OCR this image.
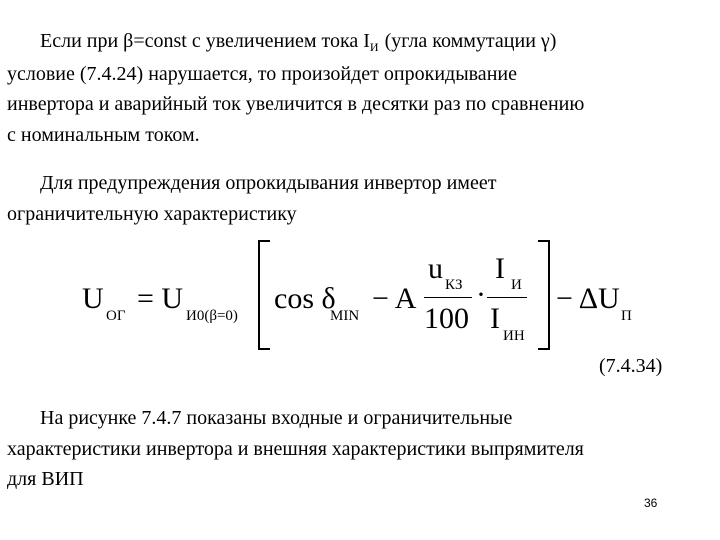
Если при β=const с увеличением тока $I_И$ (угла коммутации γ)
условие (7.4.24) нарушается, то произойдет опрокидывание
инвертора и аварийный ток увеличится в десятки раз по сравнению
с номинальным током.
Для предупреждения опрокидывания инвертор имеет
ограничительную характеристику
U
ОГ
= U
И0(β=0)
cos δ
MIN
− A
u КЗ
100
·
I И
I
ИН
− ΔU
П
(7.4.34)
На рисунке 7.4.7 показаны входные и ограничительные
характеристики инвертора и внешняя характеристики выпрямителя
для ВИП
36
